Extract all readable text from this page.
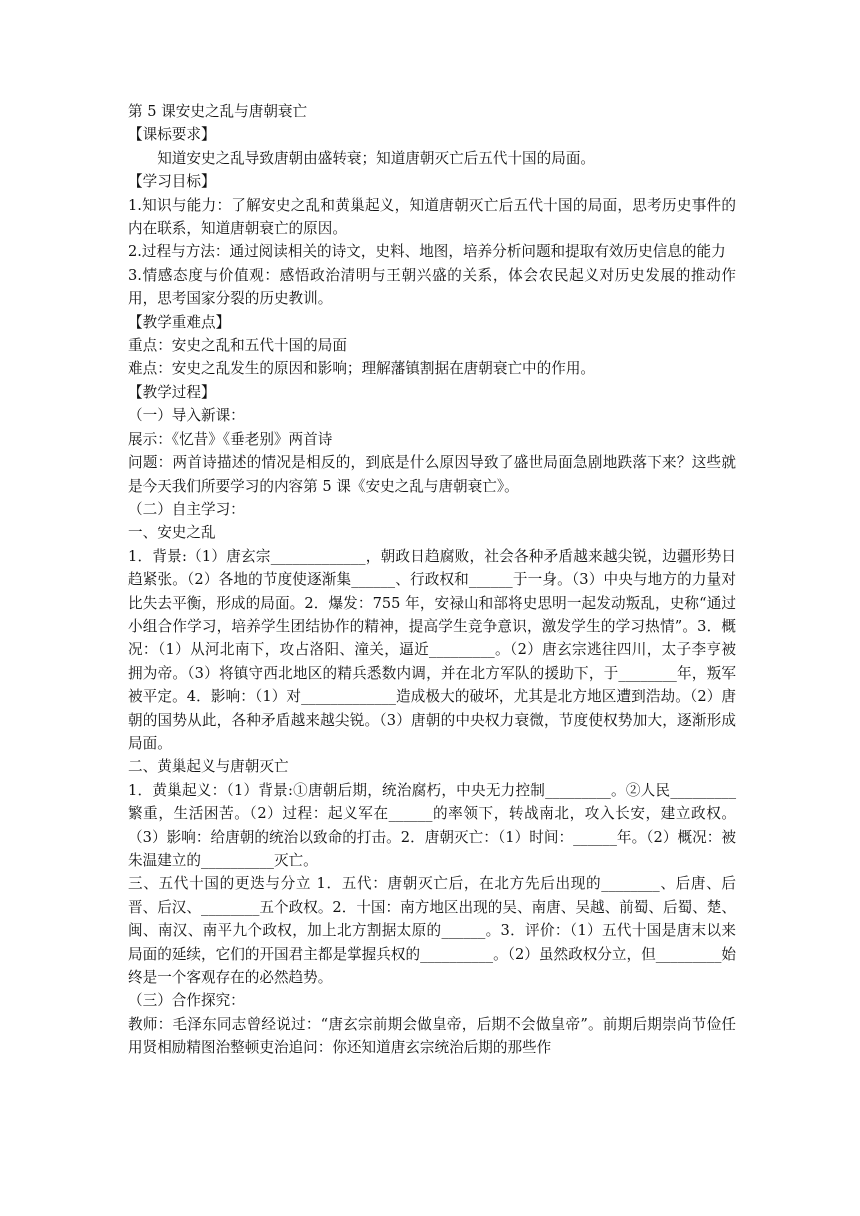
第 5 课安史之乱与唐朝衰亡

【课标要求】

知道安史之乱导致唐朝由盛转衰；知道唐朝灭亡后五代十国的局面。

【学习目标】

1.知识与能力：了解安史之乱和黄巢起义，知道唐朝灭亡后五代十国的局面，思考历史事件的内在联系，知道唐朝衰亡的原因。

2.过程与方法：通过阅读相关的诗文，史料、地图，培养分析问题和提取有效历史信息的能力

3.情感态度与价值观：感悟政治清明与王朝兴盛的关系，体会农民起义对历史发展的推动作用，思考国家分裂的历史教训。

【教学重难点】

重点：安史之乱和五代十国的局面

难点：安史之乱发生的原因和影响；理解藩镇割据在唐朝衰亡中的作用。

【教学过程】

（一）导入新课：

展示：《忆昔》《垂老别》两首诗

问题：两首诗描述的情况是相反的，到底是什么原因导致了盛世局面急剧地跌落下来？这些就是今天我们所要学习的内容第 5 课《安史之乱与唐朝衰亡》。

（二）自主学习：

一、安史之乱

1．背景:（1）唐玄宗_____________，朝政日趋腐败，社会各种矛盾越来越尖锐，边疆形势日趋紧张。（2）各地的节度使逐渐集______、行政权和______于一身。（3）中央与地方的力量对比失去平衡，形成的局面。2．爆发：755 年，安禄山和部将史思明一起发动叛乱，史称“通过小组合作学习，培养学生团结协作的精神，提高学生竞争意识，激发学生的学习热情”。3．概况：（1）从河北南下，攻占洛阳、潼关，逼近_________。（2）唐玄宗逃往四川，太子李亨被拥为帝。（3）将镇守西北地区的精兵悉数内调，并在北方军队的援助下，于________年，叛军被平定。4．影响：（1）对_____________造成极大的破坏，尤其是北方地区遭到浩劫。（2）唐朝的国势从此，各种矛盾越来越尖锐。（3）唐朝的中央权力衰微，节度使权势加大，逐渐形成局面。

二、黄巢起义与唐朝灭亡

1．黄巢起义：（1）背景:①唐朝后期，统治腐朽，中央无力控制_________。②人民_________繁重，生活困苦。（2）过程：起义军在______的率领下，转战南北，攻入长安，建立政权。（3）影响：给唐朝的统治以致命的打击。2．唐朝灭亡：（1）时间：______年。（2）概况：被朱温建立的__________灭亡。

三、五代十国的更迭与分立 1．五代：唐朝灭亡后，在北方先后出现的________、后唐、后晋、后汉、________五个政权。2．十国：南方地区出现的吴、南唐、吴越、前蜀、后蜀、楚、闽、南汉、南平九个政权，加上北方割据太原的______。3．评价：（1）五代十国是唐末以来 局面的延续，它们的开国君主都是掌握兵权的__________。（2）虽然政权分立，但_________始终是一个客观存在的必然趋势。

（三）合作探究：

教师：毛泽东同志曾经说过：“唐玄宗前期会做皇帝，后期不会做皇帝”。前期后期崇尚节俭任用贤相励精图治整顿吏治追问：你还知道唐玄宗统治后期的那些作
